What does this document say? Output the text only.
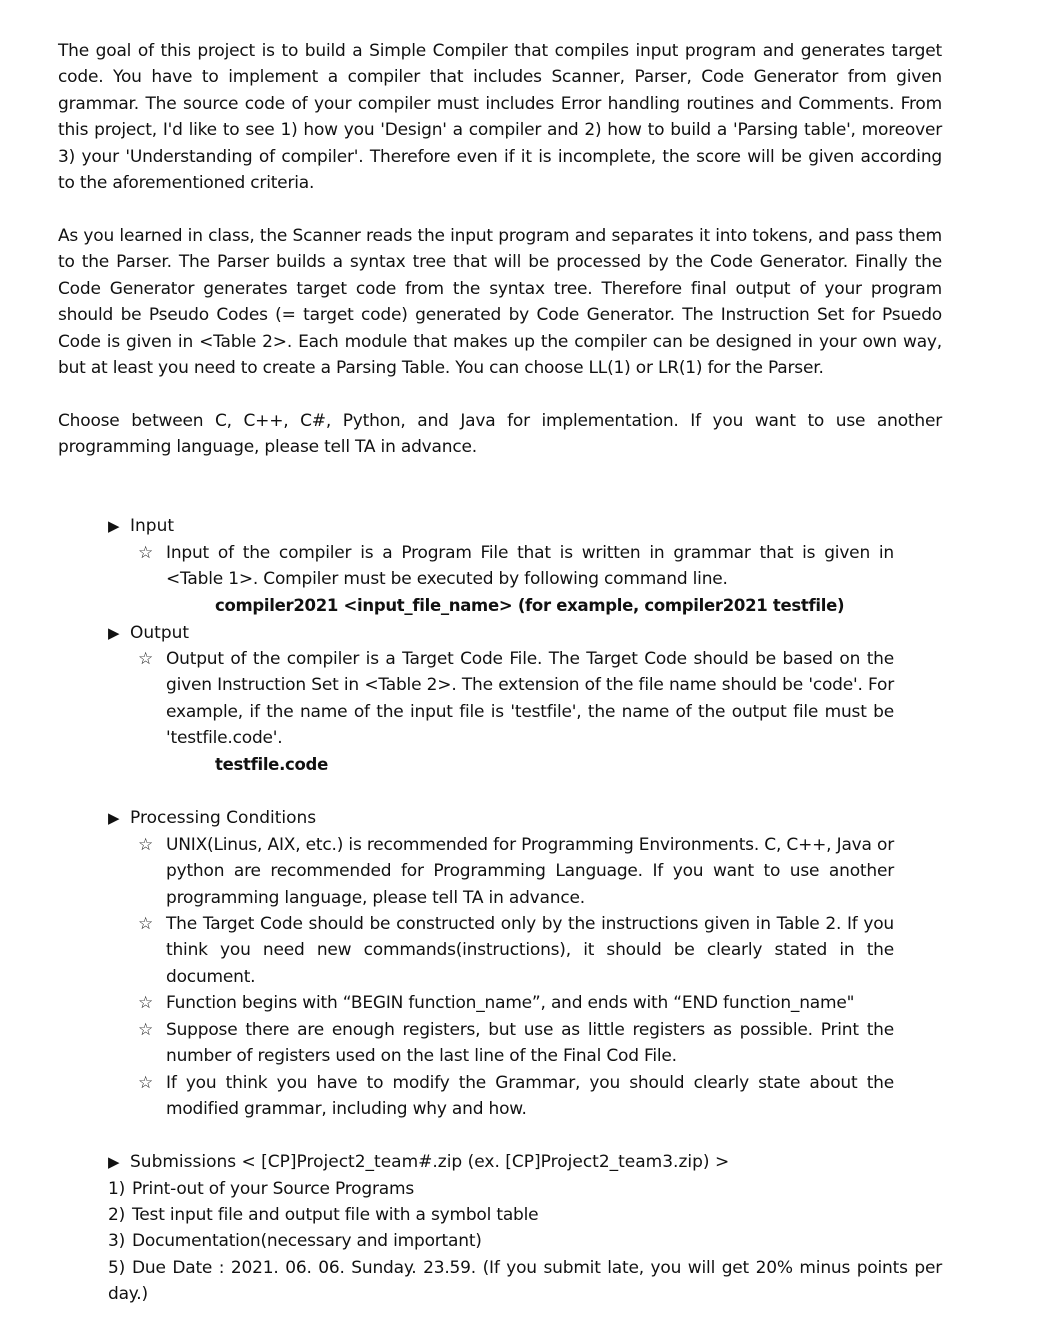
The goal of this project is to build a Simple Compiler that compiles input program and generates target code. You have to implement a compiler that includes Scanner, Parser, Code Generator from given grammar. The source code of your compiler must includes Error handling routines and Comments. From this project, I'd like to see 1) how you 'Design' a compiler and 2) how to build a 'Parsing table', moreover 3) your 'Understanding of compiler'. Therefore even if it is incomplete, the score will be given according to the aforementioned criteria.

As you learned in class, the Scanner reads the input program and separates it into tokens, and pass them to the Parser. The Parser builds a syntax tree that will be processed by the Code Generator. Finally the Code Generator generates target code from the syntax tree. Therefore final output of your program should be Pseudo Codes (= target code) generated by Code Generator. The Instruction Set for Psuedo Code is given in <Table 2>. Each module that makes up the compiler can be designed in your own way, but at least you need to create a Parsing Table. You can choose LL(1) or LR(1) for the Parser.

Choose between C, C++, C#, Python, and Java for implementation. If you want to use another programming language, please tell TA in advance.

▶ Input
☆ Input of the compiler is a Program File that is written in grammar that is given in <Table 1>. Compiler must be executed by following command line.
compiler2021 <input_file_name> (for example, compiler2021 testfile)
▶ Output
☆ Output of the compiler is a Target Code File. The Target Code should be based on the given Instruction Set in <Table 2>. The extension of the file name should be 'code'. For example, if the name of the input file is 'testfile', the name of the output file must be 'testfile.code'.
testfile.code
▶ Processing Conditions
☆ UNIX(Linus, AIX, etc.) is recommended for Programming Environments. C, C++, Java or python are recommended for Programming Language. If you want to use another programming language, please tell TA in advance.
☆ The Target Code should be constructed only by the instructions given in Table 2. If you think you need new commands(instructions), it should be clearly stated in the document.
☆ Function begins with “BEGIN function_name”, and ends with “END function_name"
☆ Suppose there are enough registers, but use as little registers as possible. Print the number of registers used on the last line of the Final Cod File.
☆ If you think you have to modify the Grammar, you should clearly state about the modified grammar, including why and how.
▶ Submissions < [CP]Project2_team#.zip (ex. [CP]Project2_team3.zip) >
1) Print-out of your Source Programs
2) Test input file and output file with a symbol table
3) Documentation(necessary and important)
5) Due Date : 2021. 06. 06. Sunday. 23.59. (If you submit late, you will get 20% minus points per day.)
